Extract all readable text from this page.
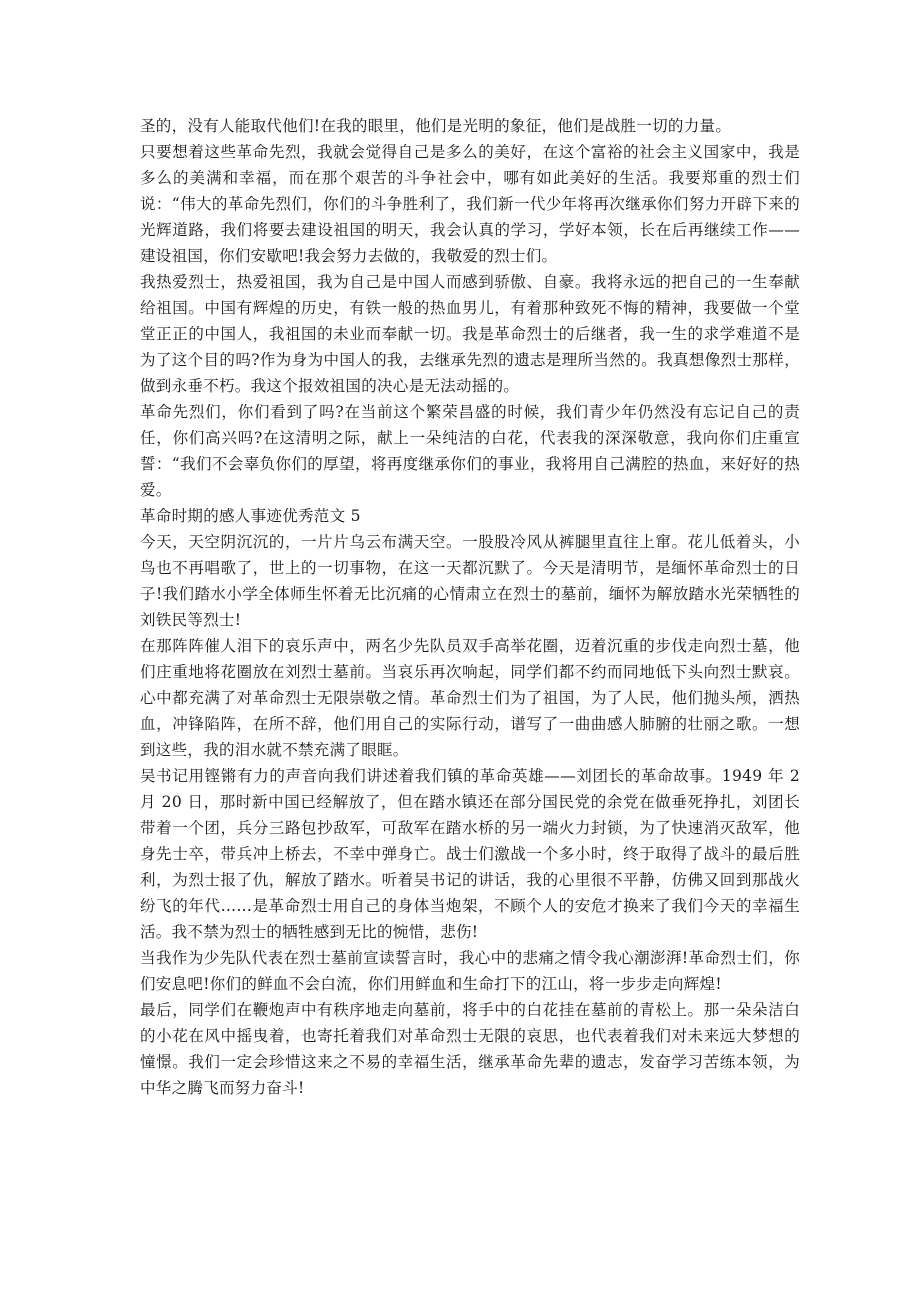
圣的，没有人能取代他们!在我的眼里，他们是光明的象征，他们是战胜一切的力量。

只要想着这些革命先烈，我就会觉得自己是多么的美好，在这个富裕的社会主义国家中，我是多么的美满和幸福，而在那个艰苦的斗争社会中，哪有如此美好的生活。我要郑重的烈士们说：“伟大的革命先烈们，你们的斗争胜利了，我们新一代少年将再次继承你们努力开辟下来的光辉道路，我们将要去建设祖国的明天，我会认真的学习，学好本领，长在后再继续工作——建设祖国，你们安歇吧!我会努力去做的，我敬爱的烈士们。

我热爱烈士，热爱祖国，我为自己是中国人而感到骄傲、自豪。我将永远的把自己的一生奉献给祖国。中国有辉煌的历史，有铁一般的热血男儿，有着那种致死不悔的精神，我要做一个堂堂正正的中国人，我祖国的未业而奉献一切。我是革命烈士的后继者，我一生的求学难道不是为了这个目的吗?作为身为中国人的我，去继承先烈的遗志是理所当然的。我真想像烈士那样，做到永垂不朽。我这个报效祖国的决心是无法动摇的。

革命先烈们，你们看到了吗?在当前这个繁荣昌盛的时候，我们青少年仍然没有忘记自己的责任，你们高兴吗?在这清明之际，献上一朵纯洁的白花，代表我的深深敬意，我向你们庄重宣誓：“我们不会辜负你们的厚望，将再度继承你们的事业，我将用自己满腔的热血，来好好的热爱。

革命时期的感人事迹优秀范文 5

今天，天空阴沉沉的，一片片乌云布满天空。一股股冷风从裤腿里直往上窜。花儿低着头，小鸟也不再唱歌了，世上的一切事物，在这一天都沉默了。今天是清明节，是缅怀革命烈士的日子!我们踏水小学全体师生怀着无比沉痛的心情肃立在烈士的墓前，缅怀为解放踏水光荣牺牲的刘铁民等烈士!

在那阵阵催人泪下的哀乐声中，两名少先队员双手高举花圈，迈着沉重的步伐走向烈士墓，他们庄重地将花圈放在刘烈士墓前。当哀乐再次响起，同学们都不约而同地低下头向烈士默哀。心中都充满了对革命烈士无限崇敬之情。革命烈士们为了祖国，为了人民，他们抛头颅，洒热血，冲锋陷阵，在所不辞，他们用自己的实际行动，谱写了一曲曲感人肺腑的壮丽之歌。一想到这些，我的泪水就不禁充满了眼眶。

吴书记用铿锵有力的声音向我们讲述着我们镇的革命英雄——刘团长的革命故事。1949 年 2 月 20 日，那时新中国已经解放了，但在踏水镇还在部分国民党的余党在做垂死挣扎，刘团长带着一个团，兵分三路包抄敌军，可敌军在踏水桥的另一端火力封锁，为了快速消灭敌军，他身先士卒，带兵冲上桥去，不幸中弹身亡。战士们激战一个多小时，终于取得了战斗的最后胜利，为烈士报了仇，解放了踏水。听着吴书记的讲话，我的心里很不平静，仿佛又回到那战火纷飞的年代……是革命烈士用自己的身体当炮架，不顾个人的安危才换来了我们今天的幸福生活。我不禁为烈士的牺牲感到无比的惋惜，悲伤!

当我作为少先队代表在烈士墓前宣读誓言时，我心中的悲痛之情令我心潮澎湃!革命烈士们，你们安息吧!你们的鲜血不会白流，你们用鲜血和生命打下的江山，将一步步走向辉煌!

最后，同学们在鞭炮声中有秩序地走向墓前，将手中的白花挂在墓前的青松上。那一朵朵洁白的小花在风中摇曳着，也寄托着我们对革命烈士无限的哀思，也代表着我们对未来远大梦想的憧憬。我们一定会珍惜这来之不易的幸福生活，继承革命先辈的遗志，发奋学习苦练本领，为中华之腾飞而努力奋斗!
